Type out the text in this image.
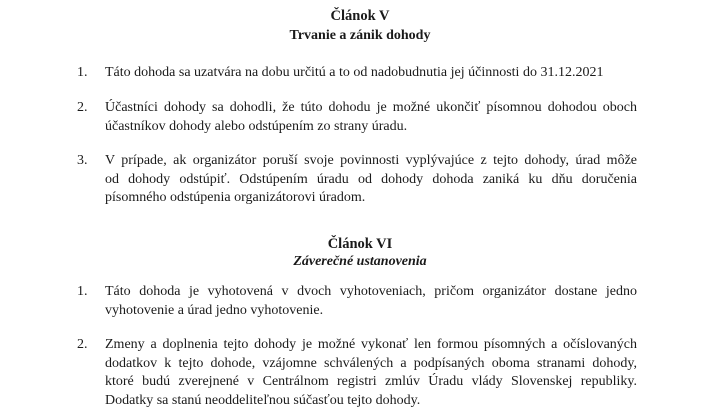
Článok V
Trvanie a zánik dohody
1. Táto dohoda sa uzatvára na dobu určitú a to od nadobudnutia jej účinnosti do 31.12.2021
2. Účastníci dohody sa dohodli, že túto dohodu je možné ukončiť písomnou dohodou oboch
účastníkov dohody alebo odstúpením zo strany úradu.
3. V prípade, ak organizátor poruší svoje povinnosti vyplývajúce z tejto dohody, úrad môže
od dohody odstúpiť. Odstúpením úradu od dohody dohoda zaniká ku dňu doručenia
písomného odstúpenia organizátorovi úradom.
Článok VI
Záverečné ustanovenia
1. Táto dohoda je vyhotovená v dvoch vyhotoveniach, pričom organizátor dostane jedno
vyhotovenie a úrad jedno vyhotovenie.
2. Zmeny a doplnenia tejto dohody je možné vykonať len formou písomných a očíslovaných
dodatkov k tejto dohode, vzájomne schválených a podpísaných oboma stranami dohody,
ktoré budú zverejnené v Centrálnom registri zmlúv Úradu vlády Slovenskej republiky.
Dodatky sa stanú neoddeliteľnou súčasťou tejto dohody.
